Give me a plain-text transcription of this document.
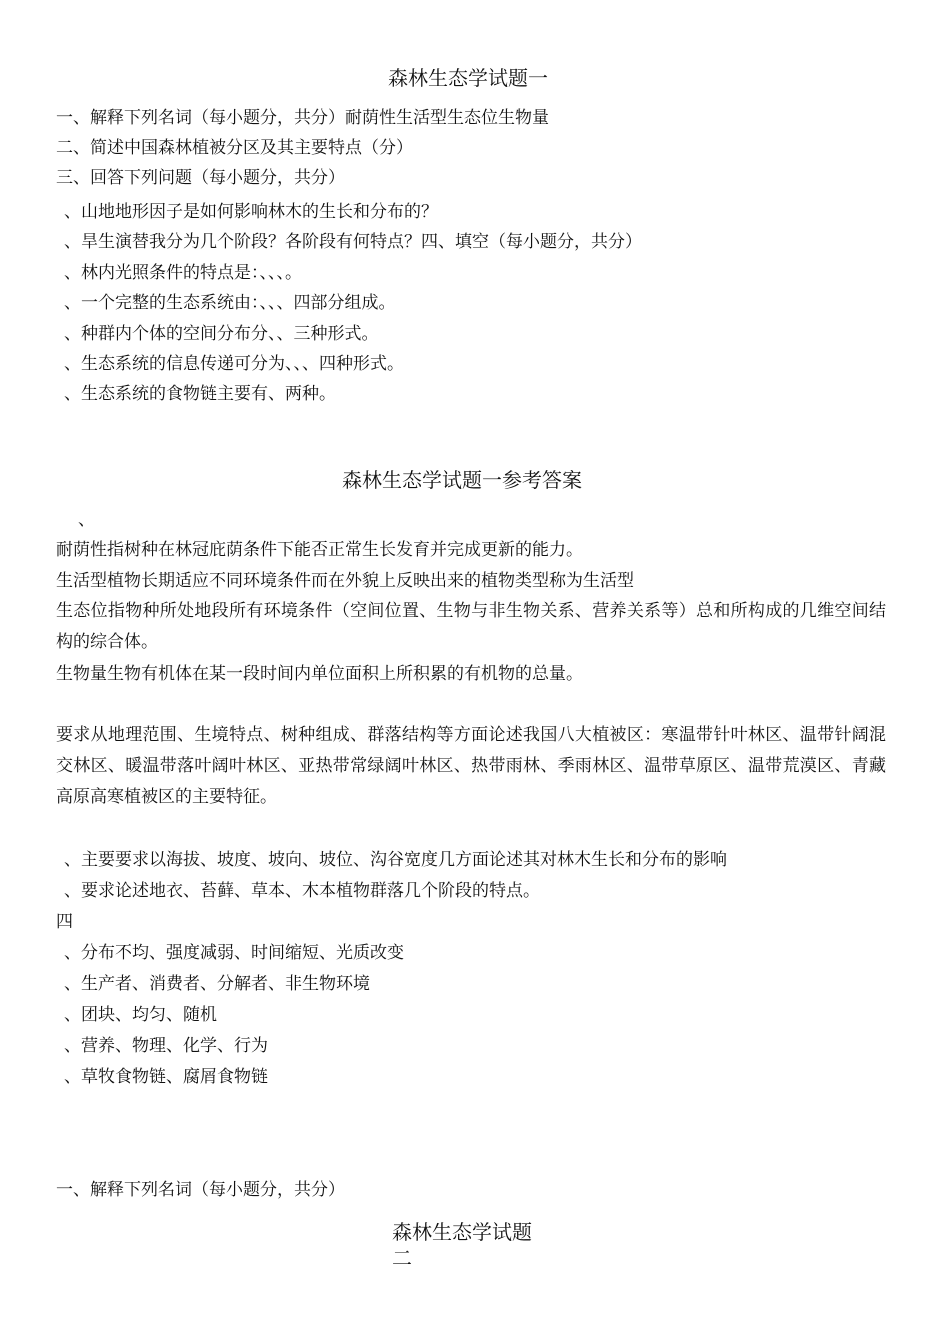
森林生态学试题一
一、解释下列名词（每小题分，共分）耐荫性生活型生态位生物量
二、简述中国森林植被分区及其主要特点（分）
三、回答下列问题（每小题分，共分）
、山地地形因子是如何影响林木的生长和分布的？
、旱生演替我分为几个阶段？各阶段有何特点？四、填空（每小题分，共分）
、林内光照条件的特点是：、、、。
、一个完整的生态系统由：、、、四部分组成。
、种群内个体的空间分布分、、三种形式。
、生态系统的信息传递可分为、、、四种形式。
、生态系统的食物链主要有、两种。
森林生态学试题一参考答案
、
耐荫性指树种在林冠庇荫条件下能否正常生长发育并完成更新的能力。
生活型植物长期适应不同环境条件而在外貌上反映出来的植物类型称为生活型
生态位指物种所处地段所有环境条件（空间位置、生物与非生物关系、营养关系等）总和所构成的几维空间结构的综合体。
生物量生物有机体在某一段时间内单位面积上所积累的有机物的总量。
要求从地理范围、生境特点、树种组成、群落结构等方面论述我国八大植被区：寒温带针叶林区、温带针阔混交林区、暖温带落叶阔叶林区、亚热带常绿阔叶林区、热带雨林、季雨林区、温带草原区、温带荒漠区、青藏高原高寒植被区的主要特征。
、主要要求以海拔、坡度、坡向、坡位、沟谷宽度几方面论述其对林木生长和分布的影响
、要求论述地衣、苔藓、草本、木本植物群落几个阶段的特点。
四
、分布不均、强度减弱、时间缩短、光质改变
、生产者、消费者、分解者、非生物环境
、团块、均匀、随机
、营养、物理、化学、行为
、草牧食物链、腐屑食物链
一、解释下列名词（每小题分，共分）
森林生态学试题
二
